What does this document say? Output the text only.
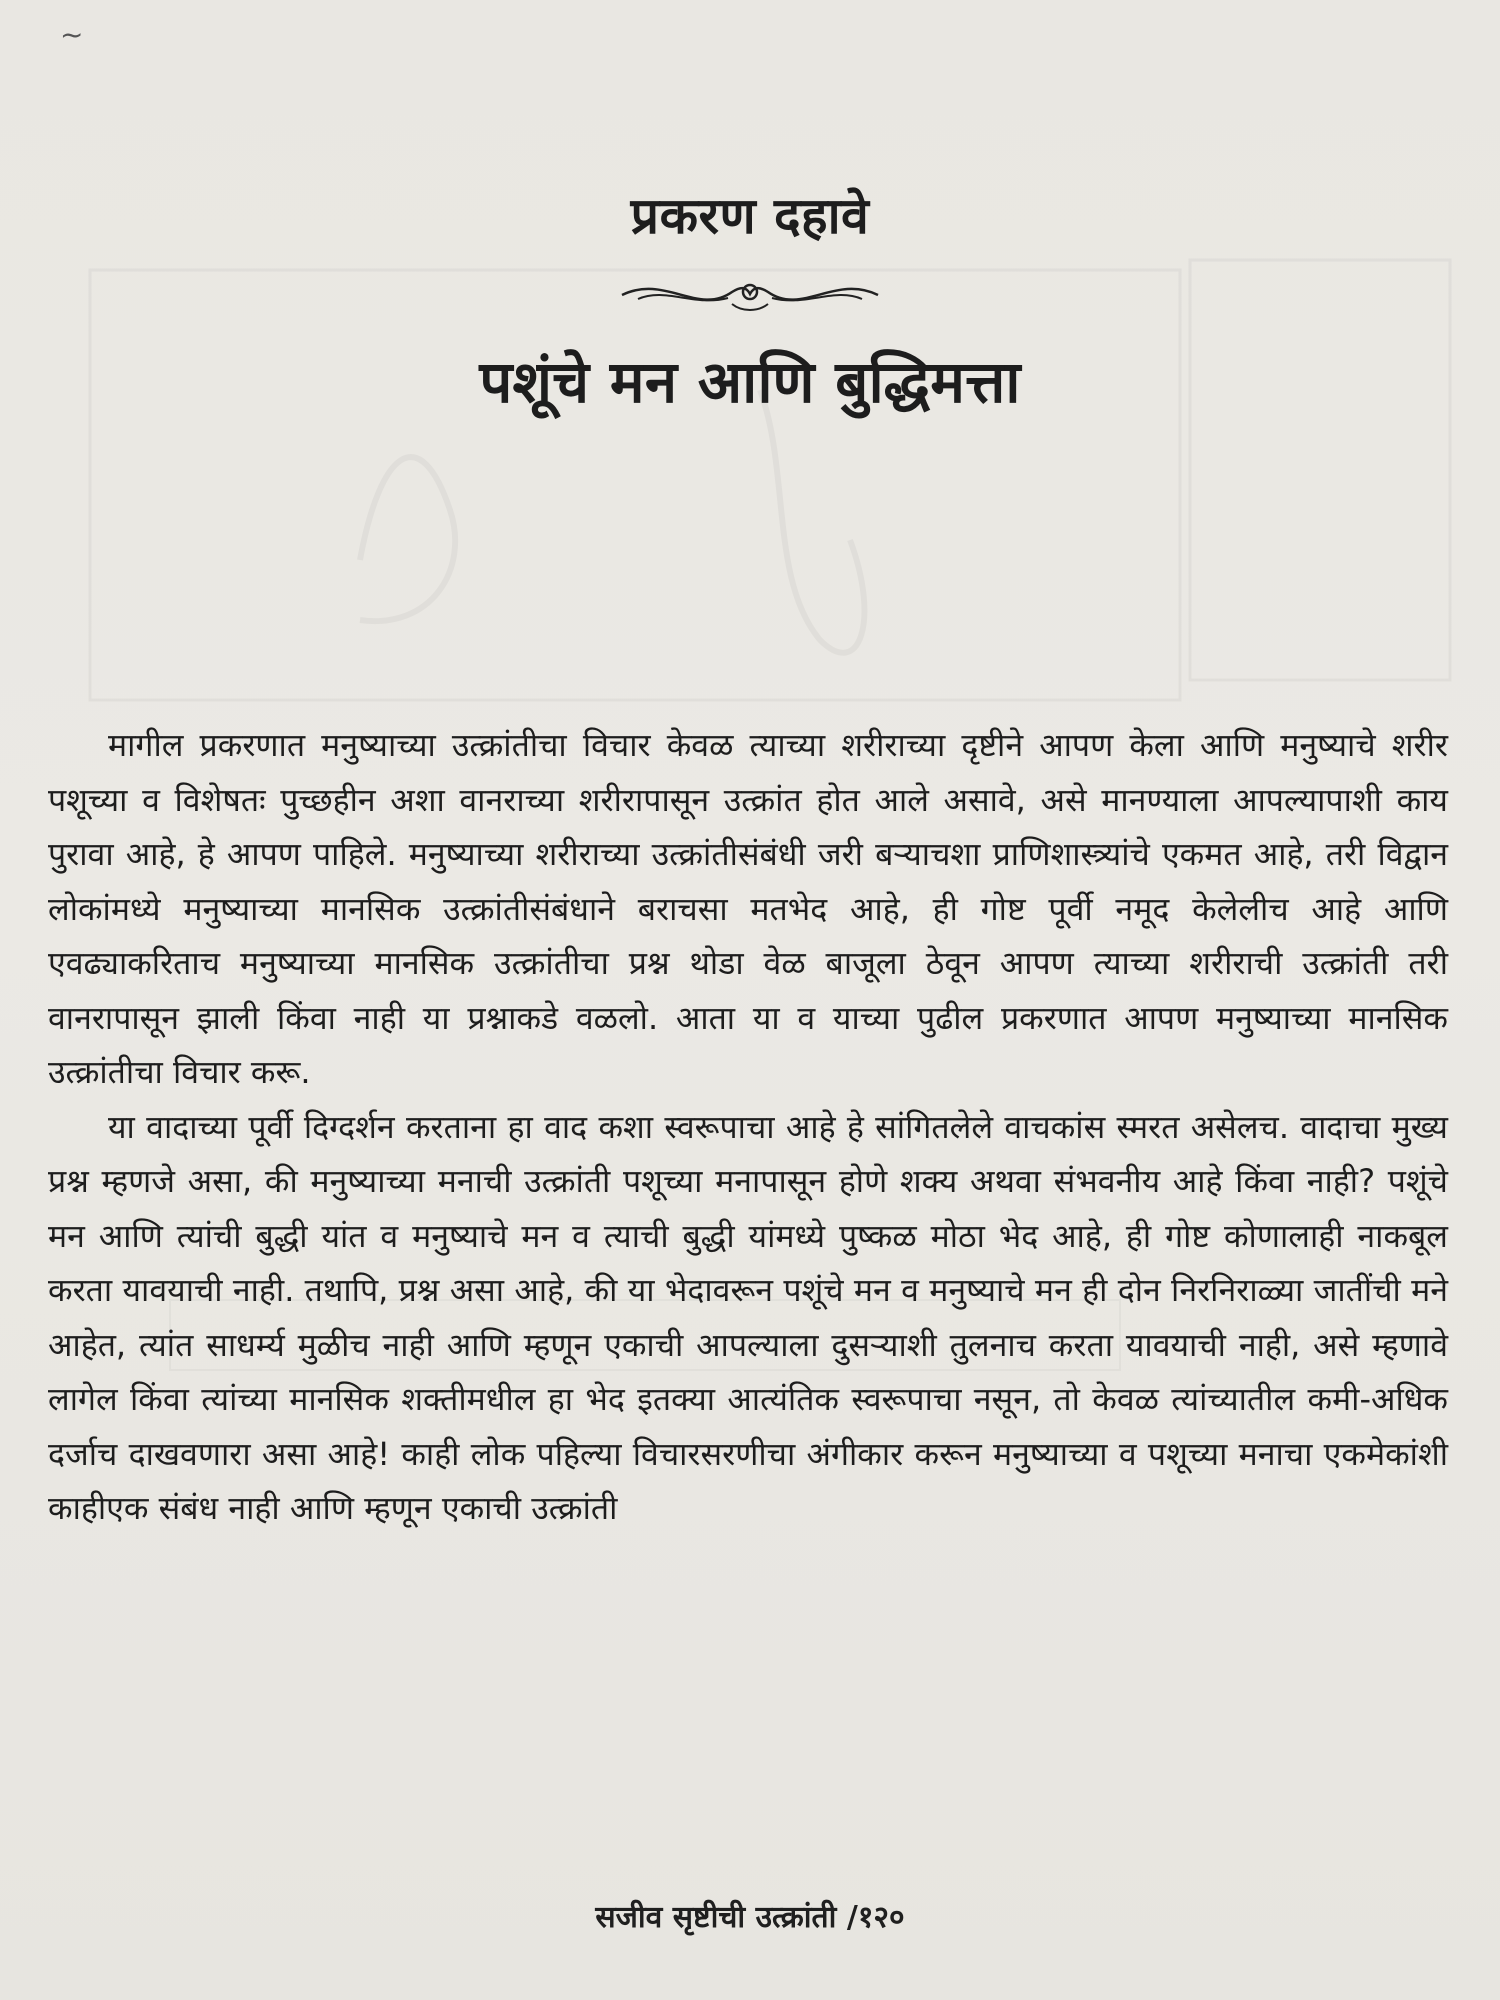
~
प्रकरण दहावे
पशूंचे मन आणि बुद्धिमत्ता

मागील प्रकरणात मनुष्याच्या उत्क्रांतीचा विचार केवळ त्याच्या शरीराच्या दृष्टीने आपण केला आणि मनुष्याचे शरीर पशूच्या व विशेषतः पुच्छहीन अशा वानराच्या शरीरापासून उत्क्रांत होत आले असावे, असे मानण्याला आपल्यापाशी काय पुरावा आहे, हे आपण पाहिले. मनुष्याच्या शरीराच्या उत्क्रांतीसंबंधी जरी बऱ्याचशा प्राणिशास्त्र्यांचे एकमत आहे, तरी विद्वान लोकांमध्ये मनुष्याच्या मानसिक उत्क्रांतीसंबंधाने बराचसा मतभेद आहे, ही गोष्ट पूर्वी नमूद केलेलीच आहे आणि एवढ्याकरिताच मनुष्याच्या मानसिक उत्क्रांतीचा प्रश्न थोडा वेळ बाजूला ठेवून आपण त्याच्या शरीराची उत्क्रांती तरी वानरापासून झाली किंवा नाही या प्रश्नाकडे वळलो. आता या व याच्या पुढील प्रकरणात आपण मनुष्याच्या मानसिक उत्क्रांतीचा विचार करू.

या वादाच्या पूर्वी दिग्दर्शन करताना हा वाद कशा स्वरूपाचा आहे हे सांगितलेले वाचकांस स्मरत असेलच. वादाचा मुख्य प्रश्न म्हणजे असा, की मनुष्याच्या मनाची उत्क्रांती पशूच्या मनापासून होणे शक्य अथवा संभवनीय आहे किंवा नाही? पशूंचे मन आणि त्यांची बुद्धी यांत व मनुष्याचे मन व त्याची बुद्धी यांमध्ये पुष्कळ मोठा भेद आहे, ही गोष्ट कोणालाही नाकबूल करता यावयाची नाही. तथापि, प्रश्न असा आहे, की या भेदावरून पशूंचे मन व मनुष्याचे मन ही दोन निरनिराळ्या जातींची मने आहेत, त्यांत साधर्म्य मुळीच नाही आणि म्हणून एकाची आपल्याला दुसऱ्याशी तुलनाच करता यावयाची नाही, असे म्हणावे लागेल किंवा त्यांच्या मानसिक शक्तीमधील हा भेद इतक्या आत्यंतिक स्वरूपाचा नसून, तो केवळ त्यांच्यातील कमी-अधिक दर्जाच दाखवणारा असा आहे! काही लोक पहिल्या विचारसरणीचा अंगीकार करून मनुष्याच्या व पशूच्या मनाचा एकमेकांशी काहीएक संबंध नाही आणि म्हणून एकाची उत्क्रांती

सजीव सृष्टीची उत्क्रांती /१२०
